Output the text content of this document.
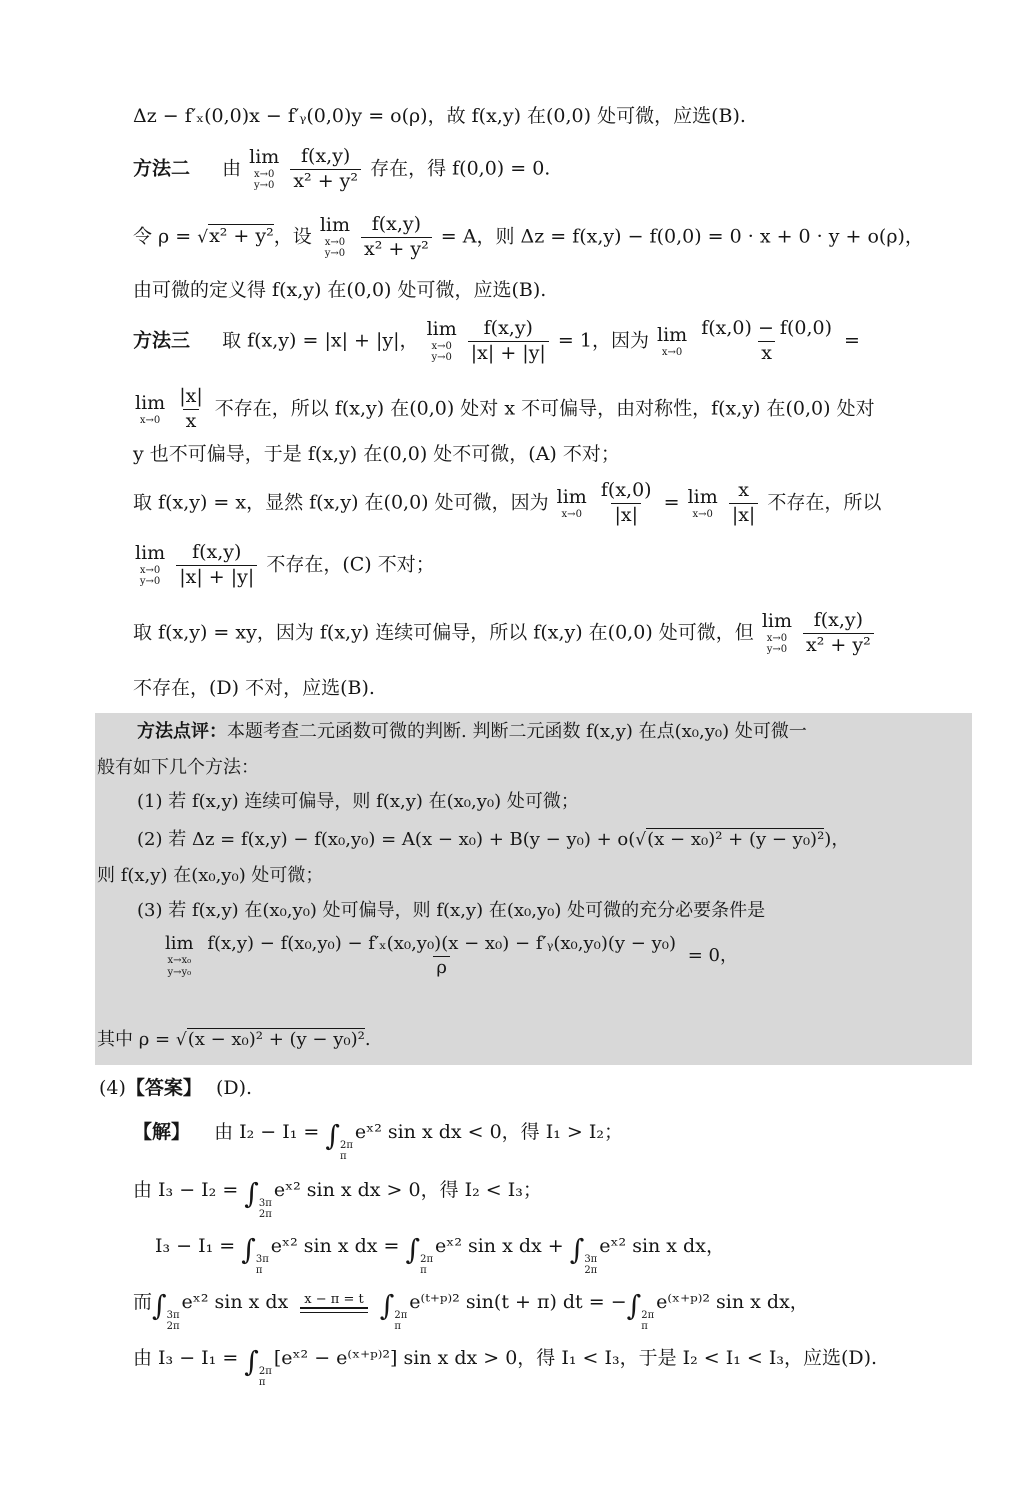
Δz − f′ₓ(0,0)x − f′ᵧ(0,0)y = o(ρ)，故 f(x,y) 在(0,0) 处可微，应选(B).
方法二 由
lim
x→0
y→0
$\frac{f(x,y)}{\text{x² + y²}}$ 存在，得 f(0,0) = 0.
令 ρ = √x² + y²，设
lim
x→0
y→0
$\frac{f(x,y)}{\text{x² + y²}} = A$，则 Δz = f(x,y) − f(0,0) = 0 · x + 0 · y + o(ρ)，
由可微的定义得 f(x,y) 在(0,0) 处可微，应选(B).
方法三 取 f(x,y) = |x| + |y|，
lim
x→0
y→0
$\frac{f(x,y)}{|x| + |y|} = 1$，因为 lim
x→0
$\frac{f(x,0) - f(0,0)}{x}$ =
lim
x→0
$\frac{|x|}{x}$ 不存在，所以 f(x,y) 在(0,0) 处对 x 不可偏导，由对称性，f(x,y) 在(0,0) 处对
y 也不可偏导，于是 f(x,y) 在(0,0) 处不可微，(A) 不对；
取 f(x,y) = x，显然 f(x,y) 在(0,0) 处可微，因为 lim
x→0
$\frac{f(x,0)}{|x|} = \lim$
x→0
$\frac{x}{|x|}$ 不存在，所以
lim
x→0
y→0
$\frac{f(x,y)}{|x| + |y|}$ 不存在，(C) 不对；
取 f(x,y) = xy，因为 f(x,y) 连续可偏导，所以 f(x,y) 在(0,0) 处可微，但
lim
x→0
y→0
$\frac{f(x,y)}{\text{x² + y²}}$
不存在，(D) 不对，应选(B).
方法点评：本题考查二元函数可微的判断. 判断二元函数 f(x,y) 在点(x₀,y₀) 处可微一
般有如下几个方法：
(1) 若 f(x,y) 连续可偏导，则 f(x,y) 在(x₀,y₀) 处可微；
(2) 若 Δz = f(x,y) − f(x₀,y₀) = A(x − x₀) + B(y − y₀) + o(√(x − x₀)² + (y − y₀)²)，
则 f(x,y) 在(x₀,y₀) 处可微；
(3) 若 f(x,y) 在(x₀,y₀) 处可偏导，则 f(x,y) 在(x₀,y₀) 处可微的充分必要条件是
lim
x→x₀
y→y₀
$\frac{\text{f(x,y) − f(x₀,y₀) − f′ₓ(x₀,y₀)(x − x₀) − f′ᵧ(x₀,y₀)(y − y₀)}}{\rho} = 0$，
其中 ρ = √(x − x₀)² + (y − y₀)².
(4)【答案】 (D).
【解】 由 I₂ − I₁ = ∫ 2π
π
eˣ² sin x dx < 0，得 I₁ > I₂；
由 I₃ − I₂ = ∫ 3π
2π
eˣ² sin x dx > 0，得 I₂ < I₃；
I₃ − I₁ = ∫ 3π
π
eˣ² sin x dx = ∫ 2π
π
eˣ² sin x dx + ∫ 3π
2π
eˣ² sin x dx，
而∫ 3π
2π
eˣ² sin x dx	x − π = t ∫ 2π
π
e⁽ᵗ⁺ᵖ⁾² sin(t + π) dt = −∫ 2π
π
e⁽ˣ⁺ᵖ⁾² sin x dx，
由 I₃ − I₁ = ∫ 2π
π
[eˣ² − e⁽ˣ⁺ᵖ⁾²] sin x dx > 0，得 I₁ < I₃，于是 I₂ < I₁ < I₃，应选(D).
